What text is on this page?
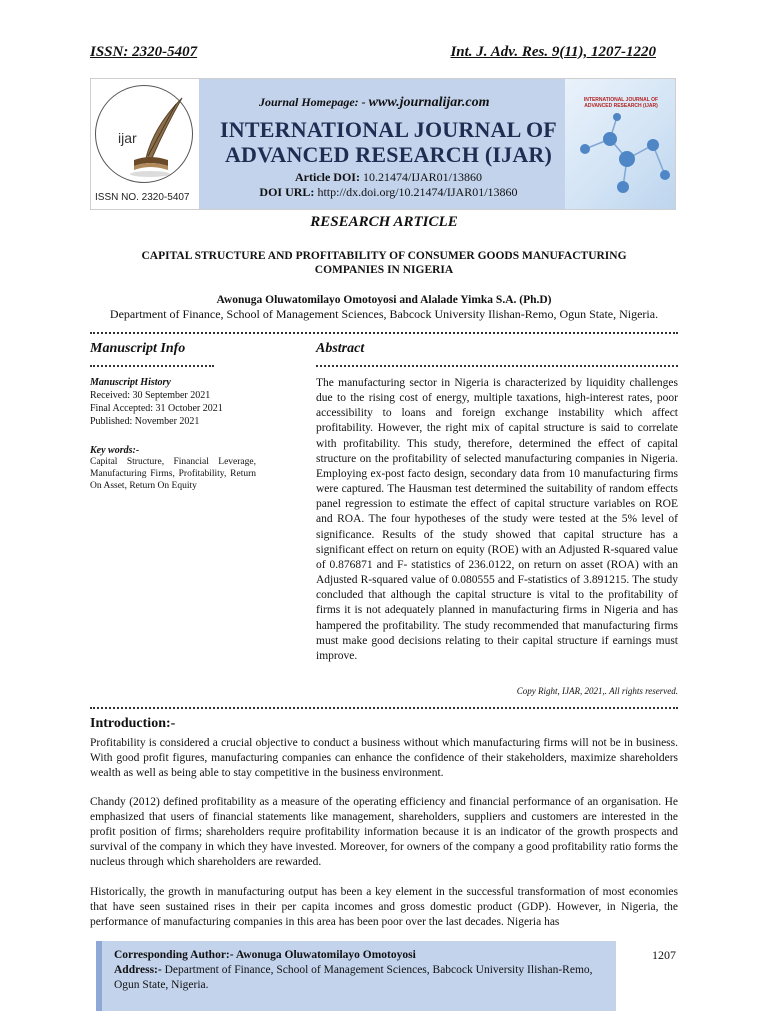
ISSN: 2320-5407	Int. J. Adv. Res. 9(11), 1207-1220
ijar
ISSN NO. 2320-5407
Journal Homepage: - www.journalijar.com
INTERNATIONAL JOURNAL OF
ADVANCED RESEARCH (IJAR)
Article DOI: 10.21474/IJAR01/13860
DOI URL: http://dx.doi.org/10.21474/IJAR01/13860
INTERNATIONAL JOURNAL OF ADVANCED RESEARCH (IJAR)
RESEARCH ARTICLE
CAPITAL STRUCTURE AND PROFITABILITY OF CONSUMER GOODS MANUFACTURING
COMPANIES IN NIGERIA
Awonuga Oluwatomilayo Omotoyosi and Alalade Yimka S.A. (Ph.D)
Department of Finance, School of Management Sciences, Babcock University Ilishan-Remo, Ogun State, Nigeria.
Manuscript Info	Abstract
Manuscript History
Received: 30 September 2021
Final Accepted: 31 October 2021
Published: November 2021
Key words:-
Capital Structure, Financial Leverage, Manufacturing Firms, Profitability, Return On Asset, Return On Equity
The manufacturing sector in Nigeria is characterized by liquidity challenges due to the rising cost of energy, multiple taxations, high-interest rates, poor accessibility to loans and foreign exchange instability which affect profitability. However, the right mix of capital structure is said to correlate with profitability. This study, therefore, determined the effect of capital structure on the profitability of selected manufacturing companies in Nigeria. Employing ex-post facto design, secondary data from 10 manufacturing firms were captured. The Hausman test determined the suitability of random effects panel regression to estimate the effect of capital structure variables on ROE and ROA. The four hypotheses of the study were tested at the 5% level of significance. Results of the study showed that capital structure has a significant effect on return on equity (ROE) with an Adjusted R-squared value of 0.876871 and F- statistics of 236.0122, on return on asset (ROA) with an Adjusted R-squared value of 0.080555 and F-statistics of 3.891215. The study concluded that although the capital structure is vital to the profitability of firms it is not adequately planned in manufacturing firms in Nigeria and has hampered the profitability. The study recommended that manufacturing firms must make good decisions relating to their capital structure if earnings must improve.
Copy Right, IJAR, 2021,. All rights reserved.
Introduction:-
Profitability is considered a crucial objective to conduct a business without which manufacturing firms will not be in business. With good profit figures, manufacturing companies can enhance the confidence of their stakeholders, maximize shareholders wealth as well as being able to stay competitive in the business environment.
Chandy (2012) defined profitability as a measure of the operating efficiency and financial performance of an organisation. He emphasized that users of financial statements like management, shareholders, suppliers and customers are interested in the profit position of firms; shareholders require profitability information because it is an indicator of the growth prospects and survival of the company in which they have invested. Moreover, for owners of the company a good profitability ratio forms the nucleus through which shareholders are rewarded.
Historically, the growth in manufacturing output has been a key element in the successful transformation of most economies that have seen sustained rises in their per capita incomes and gross domestic product (GDP). However, in Nigeria, the performance of manufacturing companies in this area has been poor over the last decades. Nigeria has
Corresponding Author:- Awonuga Oluwatomilayo Omotoyosi
Address:- Department of Finance, School of Management Sciences, Babcock University Ilishan-Remo, Ogun State, Nigeria.
1207
